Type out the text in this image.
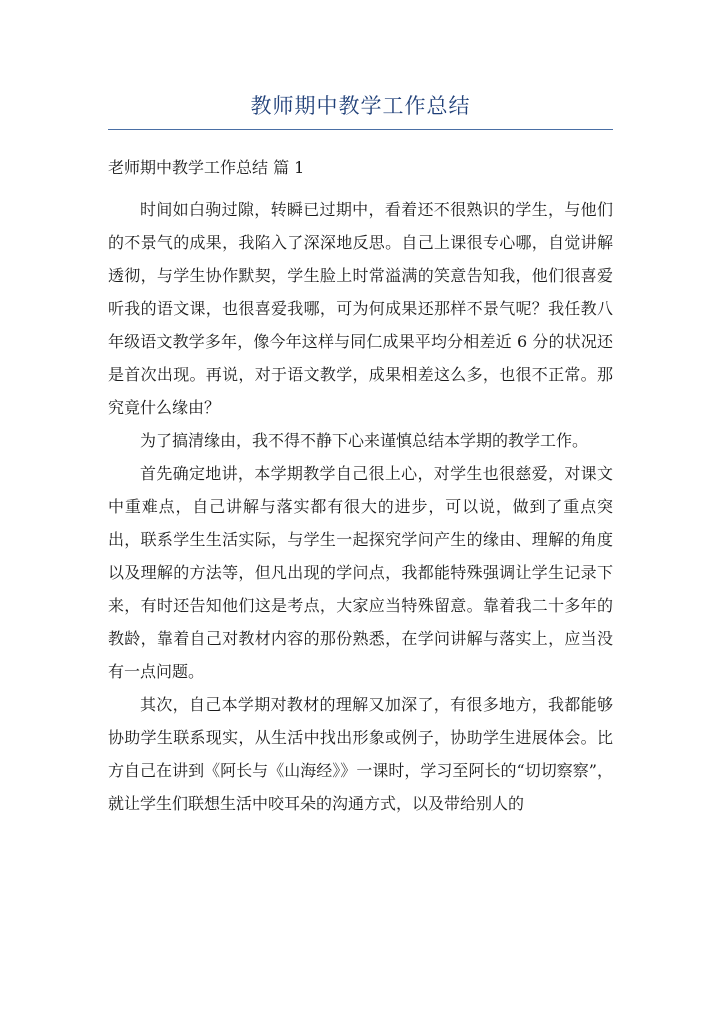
教师期中教学工作总结

老师期中教学工作总结 篇 1

时间如白驹过隙，转瞬已过期中，看着还不很熟识的学生，与他们的不景气的成果，我陷入了深深地反思。自己上课很专心哪，自觉讲解透彻，与学生协作默契，学生脸上时常溢满的笑意告知我，他们很喜爱听我的语文课，也很喜爱我哪，可为何成果还那样不景气呢？我任教八年级语文教学多年，像今年这样与同仁成果平均分相差近 6 分的状况还是首次出现。再说，对于语文教学，成果相差这么多，也很不正常。那究竟什么缘由？

为了搞清缘由，我不得不静下心来谨慎总结本学期的教学工作。

首先确定地讲，本学期教学自己很上心，对学生也很慈爱，对课文中重难点，自己讲解与落实都有很大的进步，可以说，做到了重点突出，联系学生生活实际，与学生一起探究学问产生的缘由、理解的角度以及理解的方法等，但凡出现的学问点，我都能特殊强调让学生记录下来，有时还告知他们这是考点，大家应当特殊留意。靠着我二十多年的教龄，靠着自己对教材内容的那份熟悉，在学问讲解与落实上，应当没有一点问题。

其次，自己本学期对教材的理解又加深了，有很多地方，我都能够协助学生联系现实，从生活中找出形象或例子，协助学生进展体会。比方自己在讲到《阿长与《山海经》》一课时，学习至阿长的“切切察察”，就让学生们联想生活中咬耳朵的沟通方式，以及带给别人的
